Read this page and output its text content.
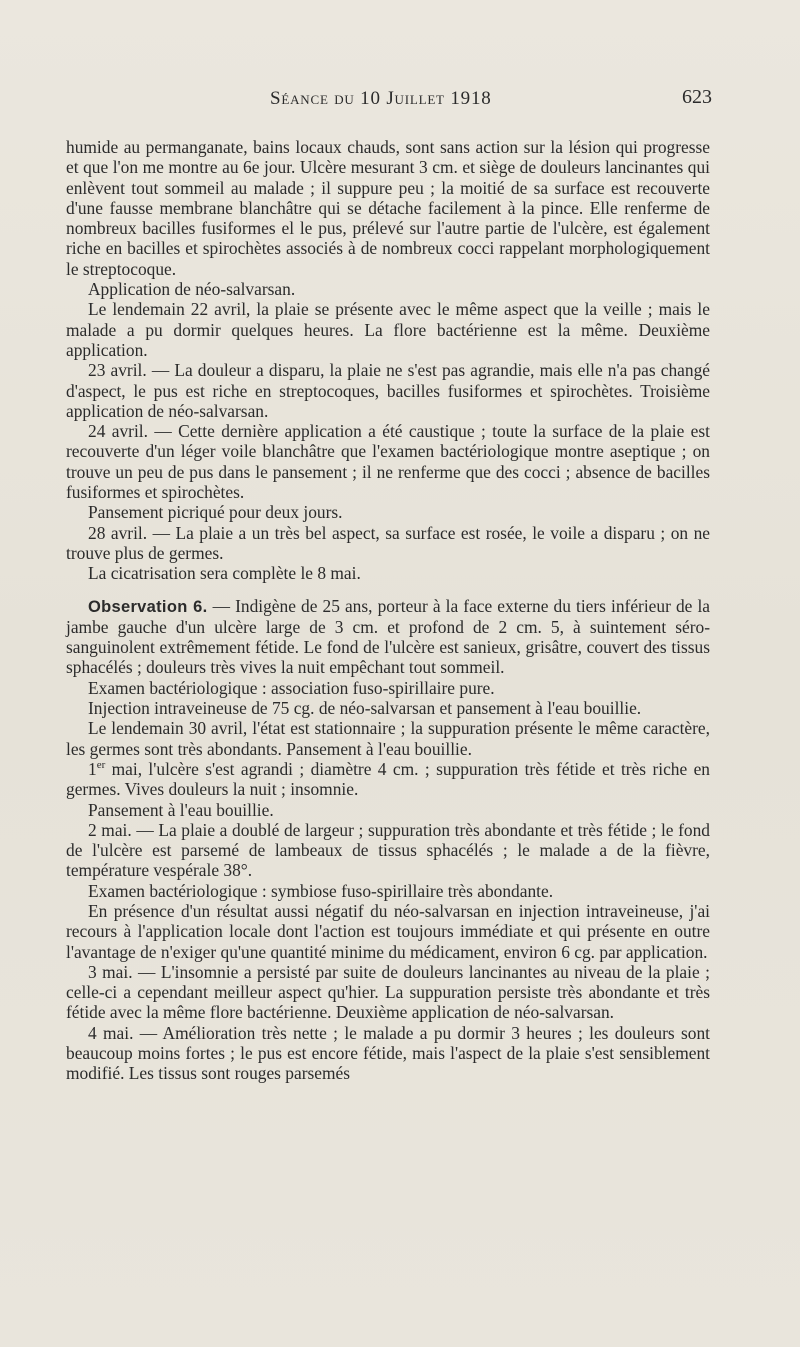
Séance du 10 Juillet 1918	623

humide au permanganate, bains locaux chauds, sont sans action sur la lésion qui progresse et que l'on me montre au 6e jour. Ulcère mesurant 3 cm. et siège de douleurs lancinantes qui enlèvent tout sommeil au malade ; il suppure peu ; la moitié de sa surface est recouverte d'une fausse membrane blanchâtre qui se détache facilement à la pince. Elle renferme de nombreux bacilles fusiformes el le pus, prélevé sur l'autre partie de l'ulcère, est également riche en bacilles et spirochètes associés à de nombreux cocci rappelant morphologiquement le streptocoque.

Application de néo-salvarsan.

Le lendemain 22 avril, la plaie se présente avec le même aspect que la veille ; mais le malade a pu dormir quelques heures. La flore bactérienne est la même. Deuxième application.

23 avril. — La douleur a disparu, la plaie ne s'est pas agrandie, mais elle n'a pas changé d'aspect, le pus est riche en streptocoques, bacilles fusiformes et spirochètes. Troisième application de néo-salvarsan.

24 avril. — Cette dernière application a été caustique ; toute la surface de la plaie est recouverte d'un léger voile blanchâtre que l'examen bactériologique montre aseptique ; on trouve un peu de pus dans le pansement ; il ne renferme que des cocci ; absence de bacilles fusiformes et spirochètes.

Pansement picriqué pour deux jours.

28 avril. — La plaie a un très bel aspect, sa surface est rosée, le voile a disparu ; on ne trouve plus de germes.

La cicatrisation sera complète le 8 mai.

Observation 6. — Indigène de 25 ans, porteur à la face externe du tiers inférieur de la jambe gauche d'un ulcère large de 3 cm. et profond de 2 cm. 5, à suintement séro-sanguinolent extrêmement fétide. Le fond de l'ulcère est sanieux, grisâtre, couvert des tissus sphacélés ; douleurs très vives la nuit empêchant tout sommeil.

Examen bactériologique : association fuso-spirillaire pure.

Injection intraveineuse de 75 cg. de néo-salvarsan et pansement à l'eau bouillie.

Le lendemain 30 avril, l'état est stationnaire ; la suppuration présente le même caractère, les germes sont très abondants. Pansement à l'eau bouillie.

1er mai, l'ulcère s'est agrandi ; diamètre 4 cm. ; suppuration très fétide et très riche en germes. Vives douleurs la nuit ; insomnie.

Pansement à l'eau bouillie.

2 mai. — La plaie a doublé de largeur ; suppuration très abondante et très fétide ; le fond de l'ulcère est parsemé de lambeaux de tissus sphacélés ; le malade a de la fièvre, température vespérale 38°.

Examen bactériologique : symbiose fuso-spirillaire très abondante.

En présence d'un résultat aussi négatif du néo-salvarsan en injection intraveineuse, j'ai recours à l'application locale dont l'action est toujours immédiate et qui présente en outre l'avantage de n'exiger qu'une quantité minime du médicament, environ 6 cg. par application.

3 mai. — L'insomnie a persisté par suite de douleurs lancinantes au niveau de la plaie ; celle-ci a cependant meilleur aspect qu'hier. La suppuration persiste très abondante et très fétide avec la même flore bactérienne. Deuxième application de néo-salvarsan.

4 mai. — Amélioration très nette ; le malade a pu dormir 3 heures ; les douleurs sont beaucoup moins fortes ; le pus est encore fétide, mais l'aspect de la plaie s'est sensiblement modifié. Les tissus sont rouges parsemés
